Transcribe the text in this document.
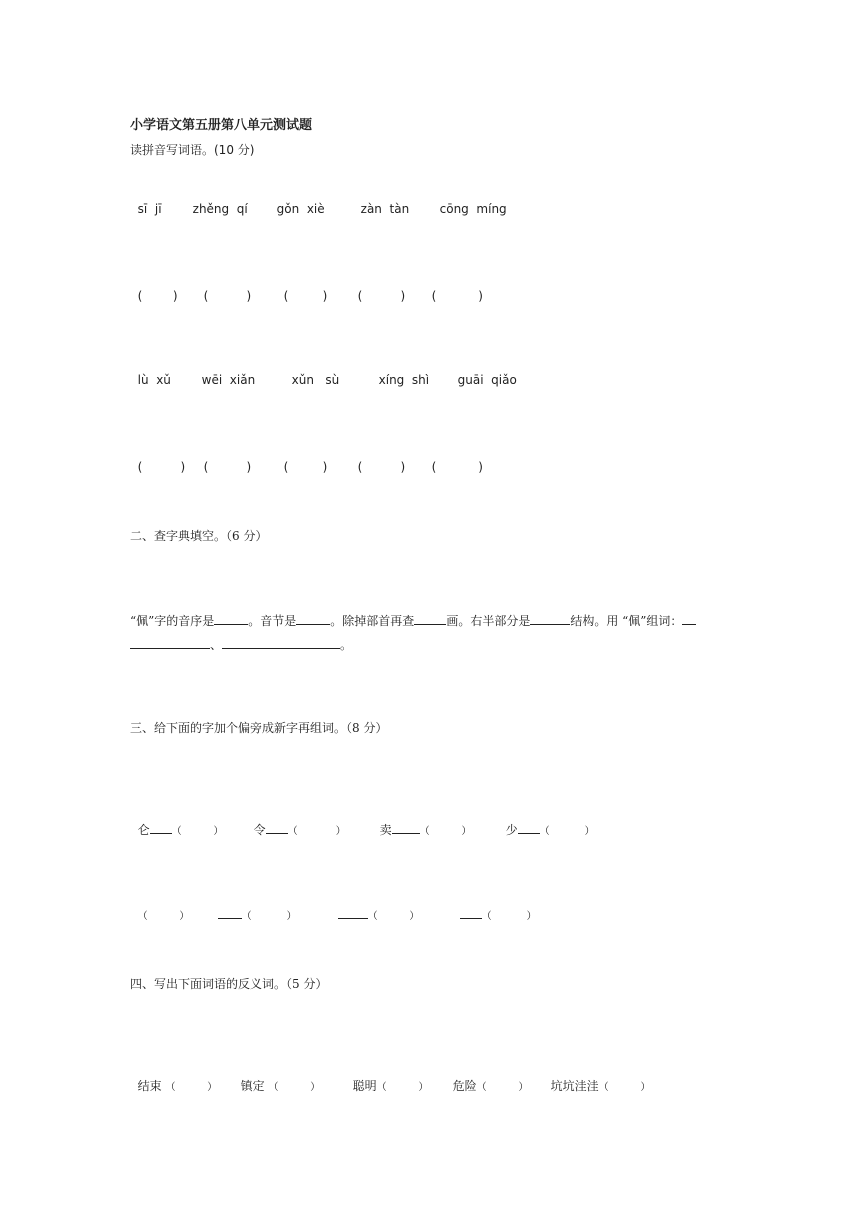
小学语文第五册第八单元测试题
读拼音写词语。(10 分)

sī  jī	zhěng  qí gǒn  xiè	zàn  tàn	cōng  míng

(        ) (          )	(         )	(          ) (           )

lù  xǔ	wēi  xiǎn	xǔn   sù	xíng  shì guāi  qiǎo

(          ) (          )	(         )	(          ) (           )

二、查字典填空。（6 分）
“佩”字的音序是	。音节是	。除掉部首再查	画。右半部分是	结构。用 “佩”组词：
、	。
三、给下面的字加个偏旁成新字再组词。（8 分）

仑 （          ）	令 （            ）	卖	（          ）	少 （           ）

（          ）	（           ）	（          ）	（           ）

四、写出下面词语的反义词。（5 分）

结束 （          ） 镇定 （          ）	聪明（          ） 危险（          ） 坑坑洼洼（          ）
